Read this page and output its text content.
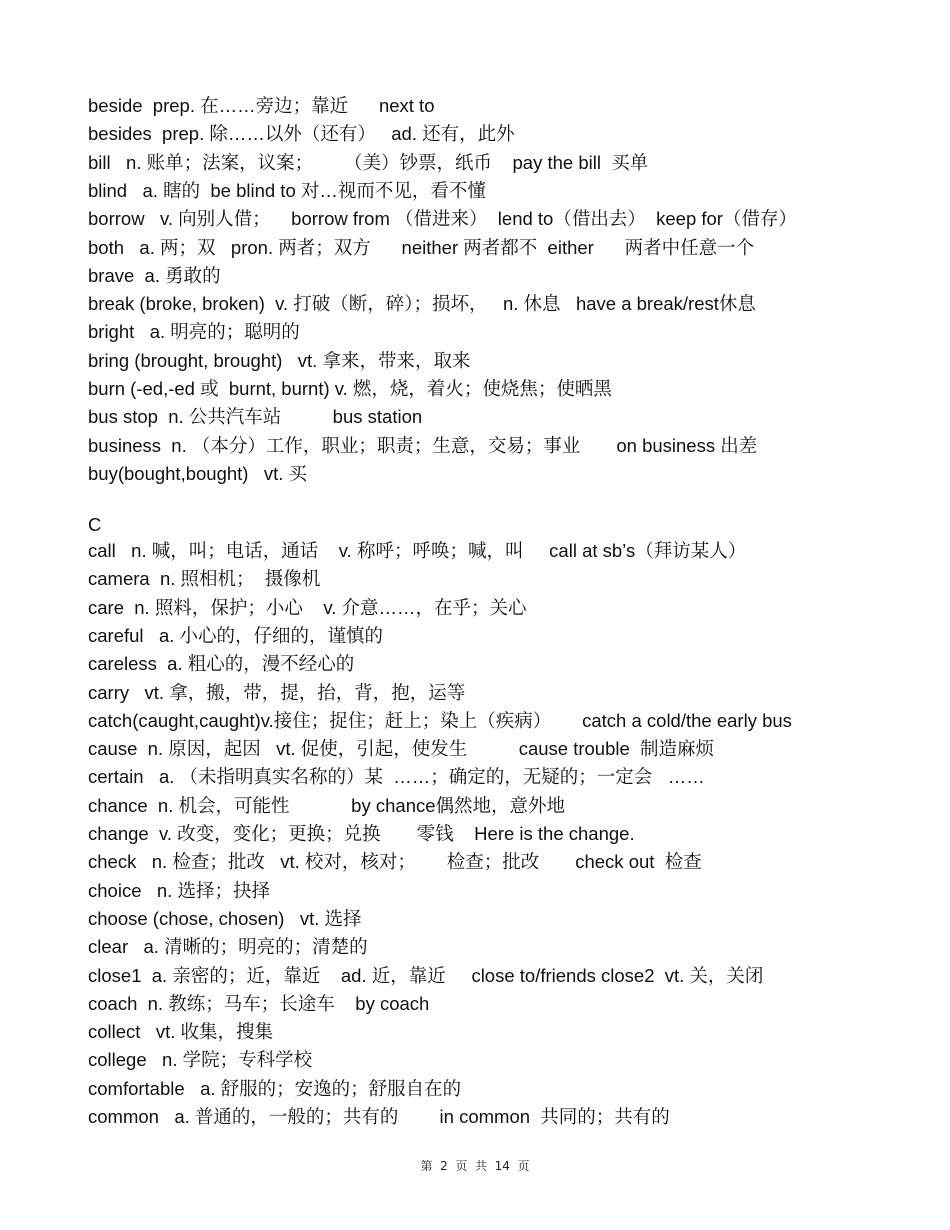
beside  prep. 在……旁边；靠近      next to
besides  prep. 除……以外（还有）   ad. 还有，此外
bill   n. 账单；法案，议案；      （美）钞票，纸币    pay the bill  买单
blind   a. 瞎的  be blind to 对…视而不见，看不懂
borrow   v. 向别人借；    borrow from （借进来）  lend to（借出去）  keep for（借存）
both   a. 两；双   pron. 两者；双方      neither 两者都不  either      两者中任意一个
brave  a. 勇敢的
break (broke, broken)  v. 打破（断，碎）；损坏，   n. 休息   have a break/rest休息
bright   a. 明亮的；聪明的
bring (brought, brought)   vt. 拿来，带来，取来
burn (-ed,-ed 或  burnt, burnt) v. 燃，烧，着火；使烧焦；使晒黑
bus stop  n. 公共汽车站          bus station
business  n. （本分）工作，职业；职责；生意，交易；事业       on business 出差
buy(bought,bought)   vt. 买
C
call   n. 喊，叫；电话，通话    v. 称呼；呼唤；喊，叫     call at sb’s（拜访某人）
camera  n. 照相机；  摄像机
care  n. 照料，保护；小心    v. 介意……，在乎；关心
careful   a. 小心的，仔细的，谨慎的
careless  a. 粗心的，漫不经心的
carry   vt. 拿，搬，带，提，抬，背，抱，运等
catch(caught,caught)v.接住；捉住；赶上；染上（疾病）      catch a cold/the early bus
cause  n. 原因，起因   vt. 促使，引起，使发生          cause trouble  制造麻烦
certain   a. （未指明真实名称的）某  ……；确定的，无疑的；一定会   ……
chance  n. 机会，可能性            by chance偶然地，意外地
change  v. 改变，变化；更换；兑换       零钱    Here is the change.
check   n. 检查；批改   vt. 校对，核对；      检查；批改       check out  检查
choice   n. 选择；抉择
choose (chose, chosen)   vt. 选择
clear   a. 清晰的；明亮的；清楚的
close1  a. 亲密的；近，靠近    ad. 近，靠近     close to/friends close2  vt. 关，关闭
coach  n. 教练；马车；长途车    by coach
collect   vt. 收集，搜集
college   n. 学院；专科学校
comfortable   a. 舒服的；安逸的；舒服自在的
common   a. 普通的，一般的；共有的        in common  共同的；共有的
第  2  页  共  14  页
